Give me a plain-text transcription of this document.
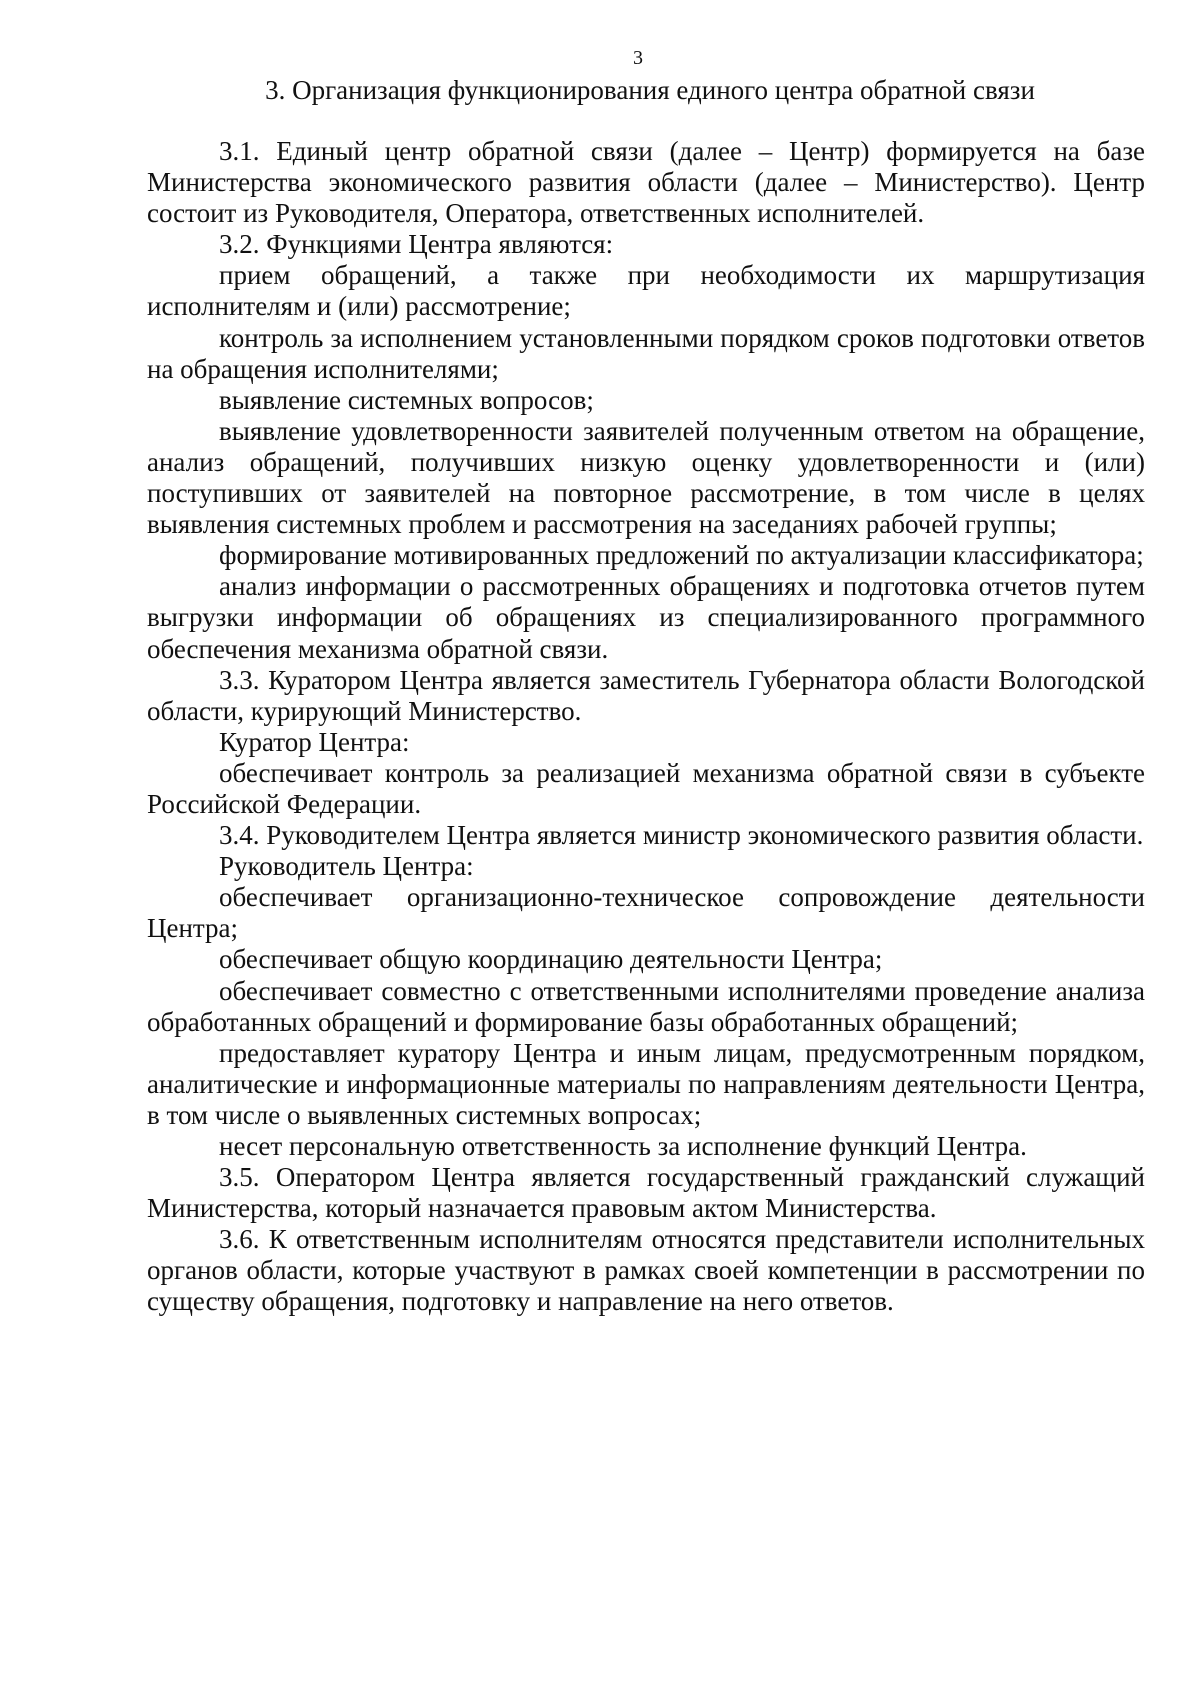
3
3. Организация функционирования единого центра обратной связи

3.1. Единый центр обратной связи (далее – Центр) формируется на базе Министерства экономического развития области (далее – Министерство). Центр состоит из Руководителя, Оператора, ответственных исполнителей.

3.2. Функциями Центра являются:

прием обращений, а также при необходимости их маршрутизация исполнителям и (или) рассмотрение;

контроль за исполнением установленными порядком сроков подготовки ответов на обращения исполнителями;

выявление системных вопросов;

выявление удовлетворенности заявителей полученным ответом на обращение, анализ обращений, получивших низкую оценку удовлетворенности и (или) поступивших от заявителей на повторное рассмотрение, в том числе в целях выявления системных проблем и рассмотрения на заседаниях рабочей группы;

формирование мотивированных предложений по актуализации классификатора;

анализ информации о рассмотренных обращениях и подготовка отчетов путем выгрузки информации об обращениях из специализированного программного обеспечения механизма обратной связи.

3.3. Куратором Центра является заместитель Губернатора области Вологодской области, курирующий Министерство.

Куратор Центра:

обеспечивает контроль за реализацией механизма обратной связи в субъекте Российской Федерации.

3.4. Руководителем Центра является министр экономического развития области.

Руководитель Центра:

обеспечивает организационно-техническое сопровождение деятельности Центра;

обеспечивает общую координацию деятельности Центра;

обеспечивает совместно с ответственными исполнителями проведение анализа обработанных обращений и формирование базы обработанных обращений;

предоставляет куратору Центра и иным лицам, предусмотренным порядком, аналитические и информационные материалы по направлениям деятельности Центра, в том числе о выявленных системных вопросах;

несет персональную ответственность за исполнение функций Центра.

3.5. Оператором Центра является государственный гражданский служащий Министерства, который назначается правовым актом Министерства.

3.6. К ответственным исполнителям относятся представители исполнительных органов области, которые участвуют в рамках своей компетенции в рассмотрении по существу обращения, подготовку и направление на него ответов.
